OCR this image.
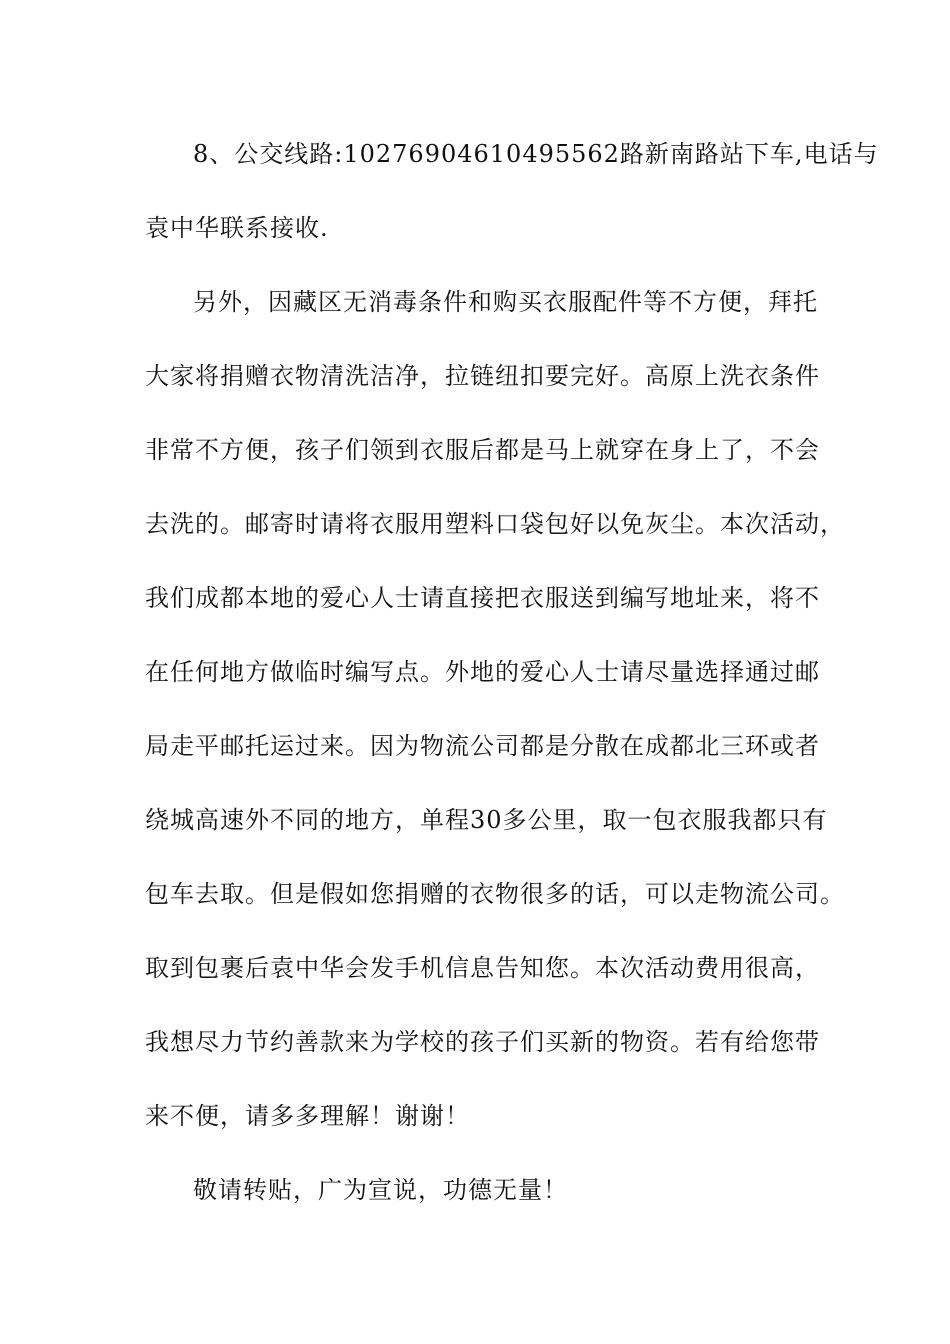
8、公交线路:10276904610495562路新南路站下车,电话与
袁中华联系接收.
另外，因藏区无消毒条件和购买衣服配件等不方便，拜托
大家将捐赠衣物清洗洁净，拉链纽扣要完好。高原上洗衣条件
非常不方便，孩子们领到衣服后都是马上就穿在身上了，不会
去洗的。邮寄时请将衣服用塑料口袋包好以免灰尘。本次活动，
我们成都本地的爱心人士请直接把衣服送到编写地址来，将不
在任何地方做临时编写点。外地的爱心人士请尽量选择通过邮
局走平邮托运过来。因为物流公司都是分散在成都北三环或者
绕城高速外不同的地方，单程30多公里，取一包衣服我都只有
包车去取。但是假如您捐赠的衣物很多的话，可以走物流公司。
取到包裹后袁中华会发手机信息告知您。本次活动费用很高，
我想尽力节约善款来为学校的孩子们买新的物资。若有给您带
来不便，请多多理解！谢谢！
敬请转贴，广为宣说，功德无量！
